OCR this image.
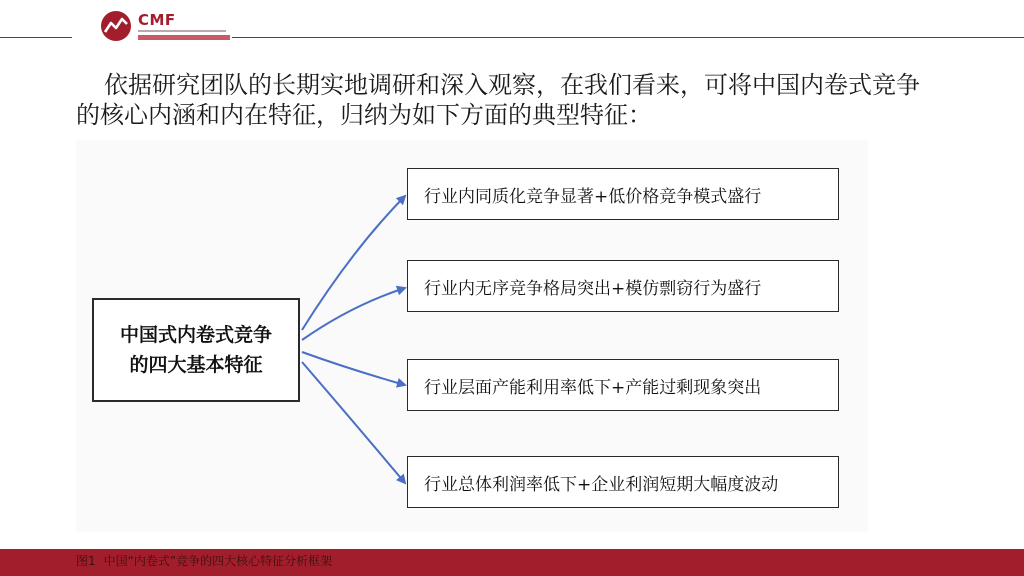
CMF

依据研究团队的长期实地调研和深入观察，在我们看来，可将中国内卷式竞争的核心内涵和内在特征，归纳为如下方面的典型特征：

中国式内卷式竞争
的四大基本特征
行业内同质化竞争显著+低价格竞争模式盛行
行业内无序竞争格局突出+模仿剽窃行为盛行
行业层面产能利用率低下+产能过剩现象突出
行业总体利润率低下+企业利润短期大幅度波动
图1 中国“内卷式”竞争的四大核心特征分析框架
